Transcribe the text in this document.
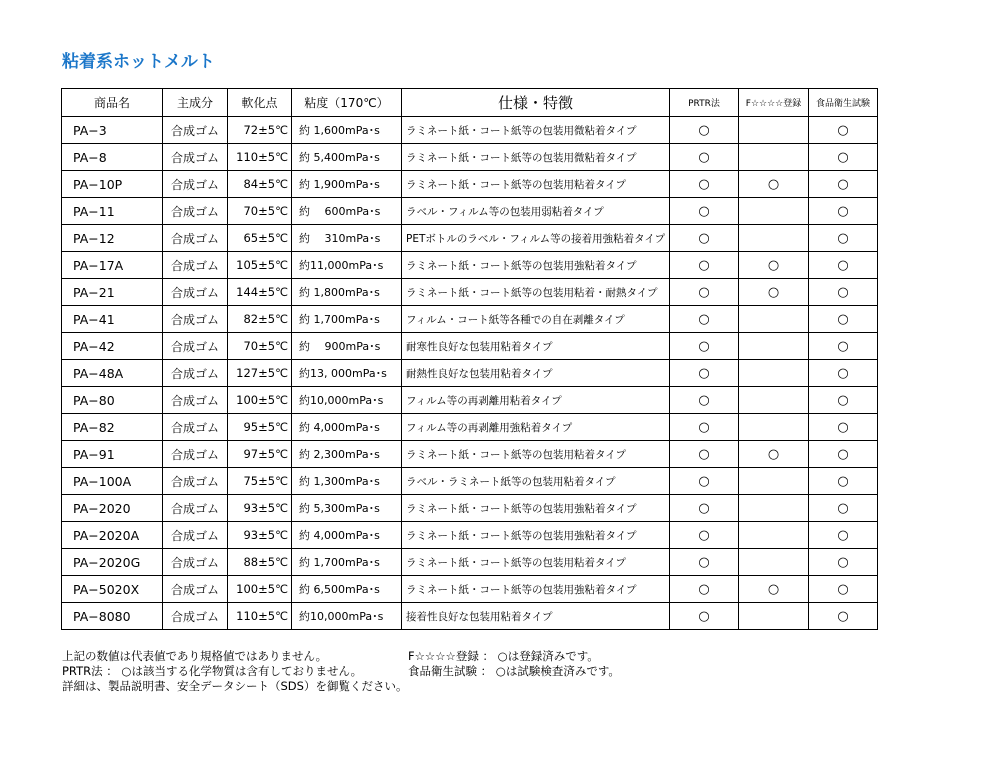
粘着系ホットメルト
商品名	主成分	軟化点	粘度（170℃）	仕様・特徴	PRTR法	F☆☆☆☆登録	食品衛生試験
PA−3	合成ゴム	72±5℃	約 1,600mPa･s	ラミネート紙・コート紙等の包装用微粘着タイプ	○		○
PA−8	合成ゴム	110±5℃	約 5,400mPa･s	ラミネート紙・コート紙等の包装用微粘着タイプ	○		○
PA−10P	合成ゴム	84±5℃	約 1,900mPa･s	ラミネート紙・コート紙等の包装用粘着タイプ	○	○	○
PA−11	合成ゴム	70±5℃	約　 600mPa･s	ラベル・フィルム等の包装用弱粘着タイプ	○		○
PA−12	合成ゴム	65±5℃	約　 310mPa･s	PETボトルのラベル・フィルム等の接着用強粘着タイプ	○		○
PA−17A	合成ゴム	105±5℃	約11,000mPa･s	ラミネート紙・コート紙等の包装用強粘着タイプ	○	○	○
PA−21	合成ゴム	144±5℃	約 1,800mPa･s	ラミネート紙・コート紙等の包装用粘着・耐熱タイプ	○	○	○
PA−41	合成ゴム	82±5℃	約 1,700mPa･s	フィルム・コート紙等各種での自在剥離タイプ	○		○
PA−42	合成ゴム	70±5℃	約　 900mPa･s	耐寒性良好な包装用粘着タイプ	○		○
PA−48A	合成ゴム	127±5℃	約13, 000mPa･s	耐熱性良好な包装用粘着タイプ	○		○
PA−80	合成ゴム	100±5℃	約10,000mPa･s	フィルム等の再剥離用粘着タイプ	○		○
PA−82	合成ゴム	95±5℃	約 4,000mPa･s	フィルム等の再剥離用強粘着タイプ	○		○
PA−91	合成ゴム	97±5℃	約 2,300mPa･s	ラミネート紙・コート紙等の包装用粘着タイプ	○	○	○
PA−100A	合成ゴム	75±5℃	約 1,300mPa･s	ラベル・ラミネート紙等の包装用粘着タイプ	○		○
PA−2020	合成ゴム	93±5℃	約 5,300mPa･s	ラミネート紙・コート紙等の包装用強粘着タイプ	○		○
PA−2020A	合成ゴム	93±5℃	約 4,000mPa･s	ラミネート紙・コート紙等の包装用強粘着タイプ	○		○
PA−2020G	合成ゴム	88±5℃	約 1,700mPa･s	ラミネート紙・コート紙等の包装用粘着タイプ	○		○
PA−5020X	合成ゴム	100±5℃	約 6,500mPa･s	ラミネート紙・コート紙等の包装用強粘着タイプ	○	○	○
PA−8080	合成ゴム	110±5℃	約10,000mPa･s	接着性良好な包装用粘着タイプ	○		○
上記の数値は代表値であり規格値ではありません。	F☆☆☆☆登録 ： ○は登録済みです。
PRTR法 ： ○は該当する化学物質は含有しておりません。	食品衛生試験 ： ○は試験検査済みです。
詳細は、製品説明書、安全データシート（SDS）を御覧ください。
